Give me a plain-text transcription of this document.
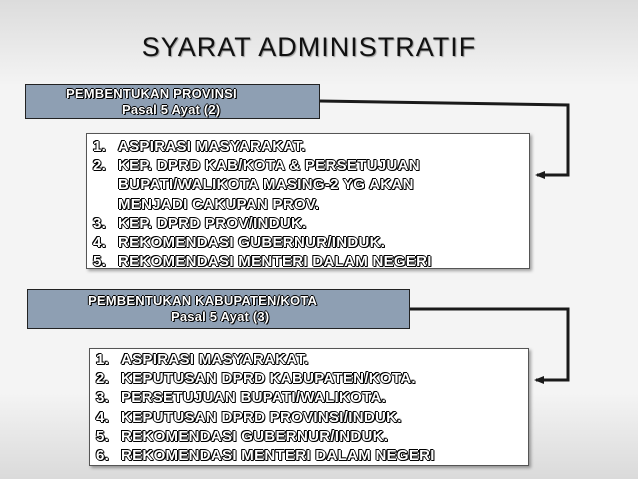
SYARAT ADMINISTRATIF
PEMBENTUKAN PROVINSI
Pasal 5 Ayat (2)
1. ASPIRASI MASYARAKAT.
2. KEP. DPRD KAB/KOTA & PERSETUJUAN
BUPATI/WALIKOTA MASING-2 YG AKAN
MENJADI CAKUPAN PROV.
3. KEP. DPRD PROV/INDUK.
4. REKOMENDASI GUBERNUR/INDUK.
5. REKOMENDASI MENTERI DALAM NEGERI
PEMBENTUKAN KABUPATEN/KOTA
Pasal 5 Ayat (3)
1. ASPIRASI MASYARAKAT.
2. KEPUTUSAN DPRD KABUPATEN/KOTA.
3. PERSETUJUAN BUPATI/WALIKOTA.
4. KEPUTUSAN DPRD PROVINSI/INDUK.
5. REKOMENDASI GUBERNUR/INDUK.
6. REKOMENDASI MENTERI DALAM NEGERI
